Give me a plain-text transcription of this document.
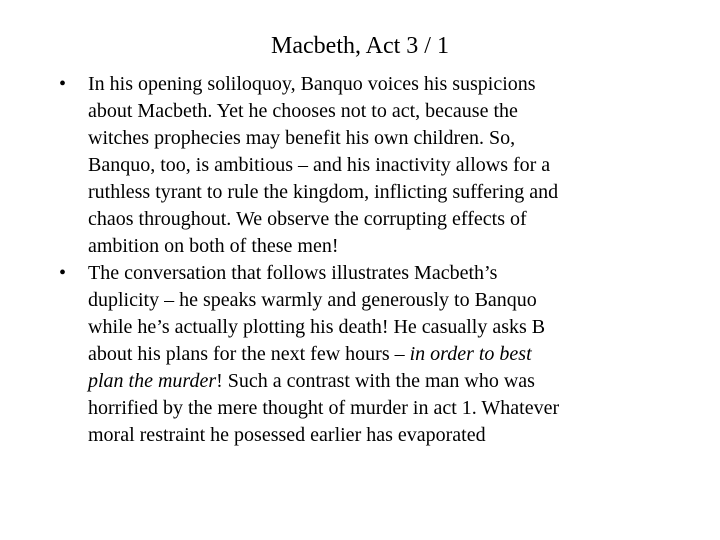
Macbeth, Act 3 / 1
• In his opening soliloquoy, Banquo voices his suspicions
about Macbeth. Yet he chooses not to act, because the
witches prophecies may benefit his own children. So,
Banquo, too, is ambitious – and his inactivity allows for a
ruthless tyrant to rule the kingdom, inflicting suffering and
chaos throughout. We observe the corrupting effects of
ambition on both of these men!
• The conversation that follows illustrates Macbeth’s
duplicity – he speaks warmly and generously to Banquo
while he’s actually plotting his death! He casually asks B
about his plans for the next few hours – in order to best
plan the murder! Such a contrast with the man who was
horrified by the mere thought of murder in act 1. Whatever
moral restraint he posessed earlier has evaporated
